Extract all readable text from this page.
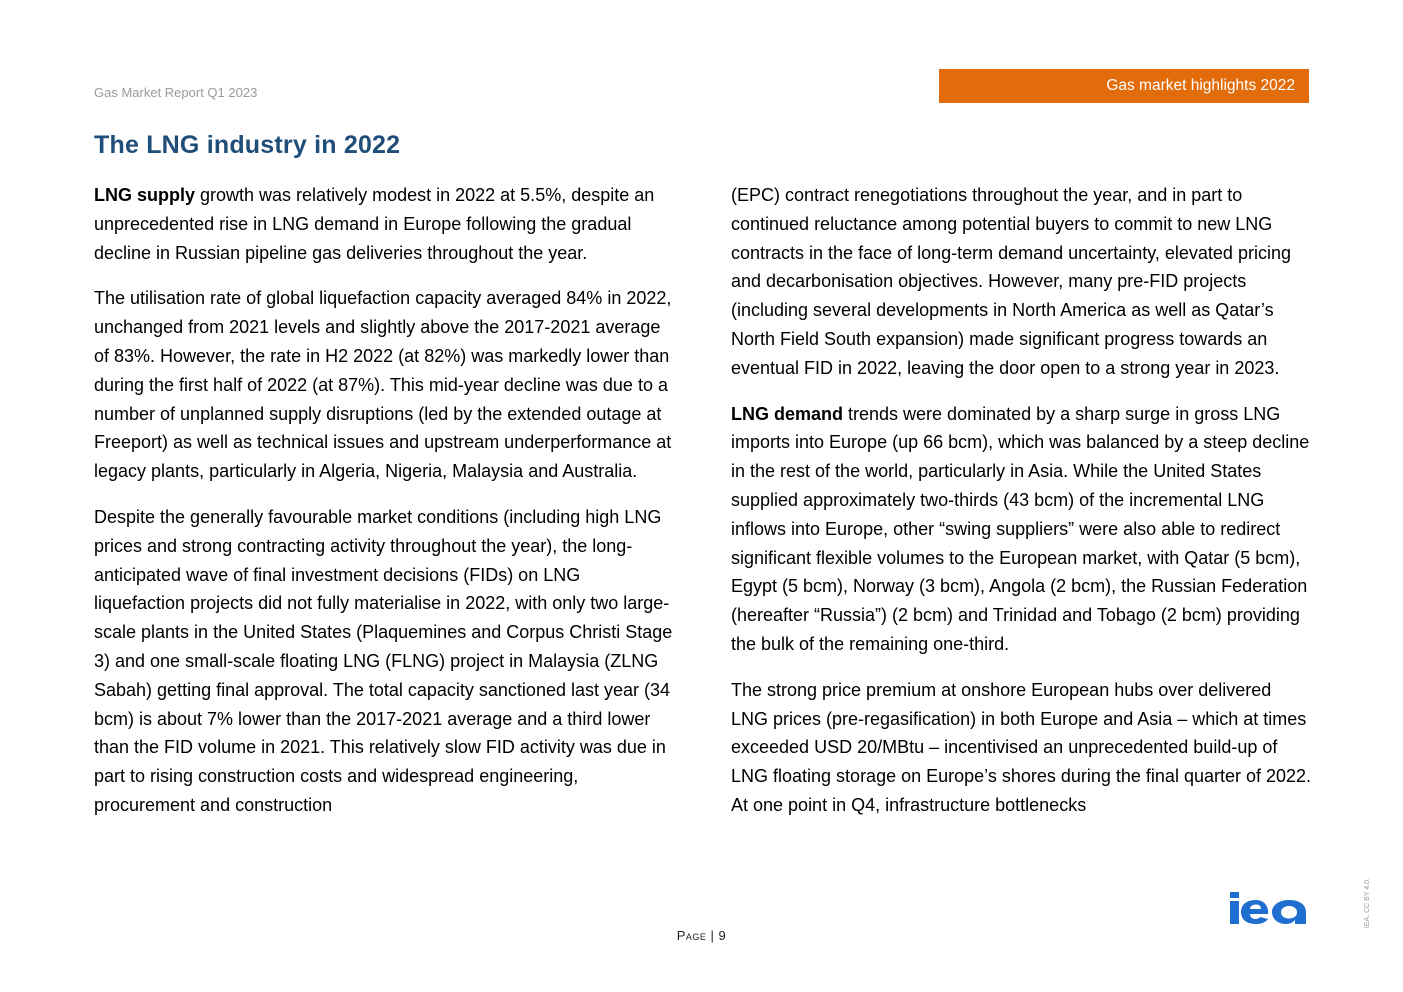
Gas Market Report Q1 2023	Gas market highlights 2022
The LNG industry in 2022

LNG supply growth was relatively modest in 2022 at 5.5%, despite an unprecedented rise in LNG demand in Europe following the gradual decline in Russian pipeline gas deliveries throughout the year.

The utilisation rate of global liquefaction capacity averaged 84% in 2022, unchanged from 2021 levels and slightly above the 2017-2021 average of 83%. However, the rate in H2 2022 (at 82%) was markedly lower than during the first half of 2022 (at 87%). This mid-year decline was due to a number of unplanned supply disruptions (led by the extended outage at Freeport) as well as technical issues and upstream underperformance at legacy plants, particularly in Algeria, Nigeria, Malaysia and Australia.

Despite the generally favourable market conditions (including high LNG prices and strong contracting activity throughout the year), the long-anticipated wave of final investment decisions (FIDs) on LNG liquefaction projects did not fully materialise in 2022, with only two large-scale plants in the United States (Plaquemines and Corpus Christi Stage 3) and one small-scale floating LNG (FLNG) project in Malaysia (ZLNG Sabah) getting final approval. The total capacity sanctioned last year (34 bcm) is about 7% lower than the 2017-2021 average and a third lower than the FID volume in 2021. This relatively slow FID activity was due in part to rising construction costs and widespread engineering, procurement and construction

(EPC) contract renegotiations throughout the year, and in part to continued reluctance among potential buyers to commit to new LNG contracts in the face of long-term demand uncertainty, elevated pricing and decarbonisation objectives. However, many pre-FID projects (including several developments in North America as well as Qatar’s North Field South expansion) made significant progress towards an eventual FID in 2022, leaving the door open to a strong year in 2023.

LNG demand trends were dominated by a sharp surge in gross LNG imports into Europe (up 66 bcm), which was balanced by a steep decline in the rest of the world, particularly in Asia. While the United States supplied approximately two-thirds (43 bcm) of the incremental LNG inflows into Europe, other “swing suppliers” were also able to redirect significant flexible volumes to the European market, with Qatar (5 bcm), Egypt (5 bcm), Norway (3 bcm), Angola (2 bcm), the Russian Federation (hereafter “Russia”) (2 bcm) and Trinidad and Tobago (2 bcm) providing the bulk of the remaining one-third.

The strong price premium at onshore European hubs over delivered LNG prices (pre-regasification) in both Europe and Asia – which at times exceeded USD 20/MBtu – incentivised an unprecedented build-up of LNG floating storage on Europe’s shores during the final quarter of 2022. At one point in Q4, infrastructure bottlenecks

Page | 9
IEA. CC BY 4.0.
